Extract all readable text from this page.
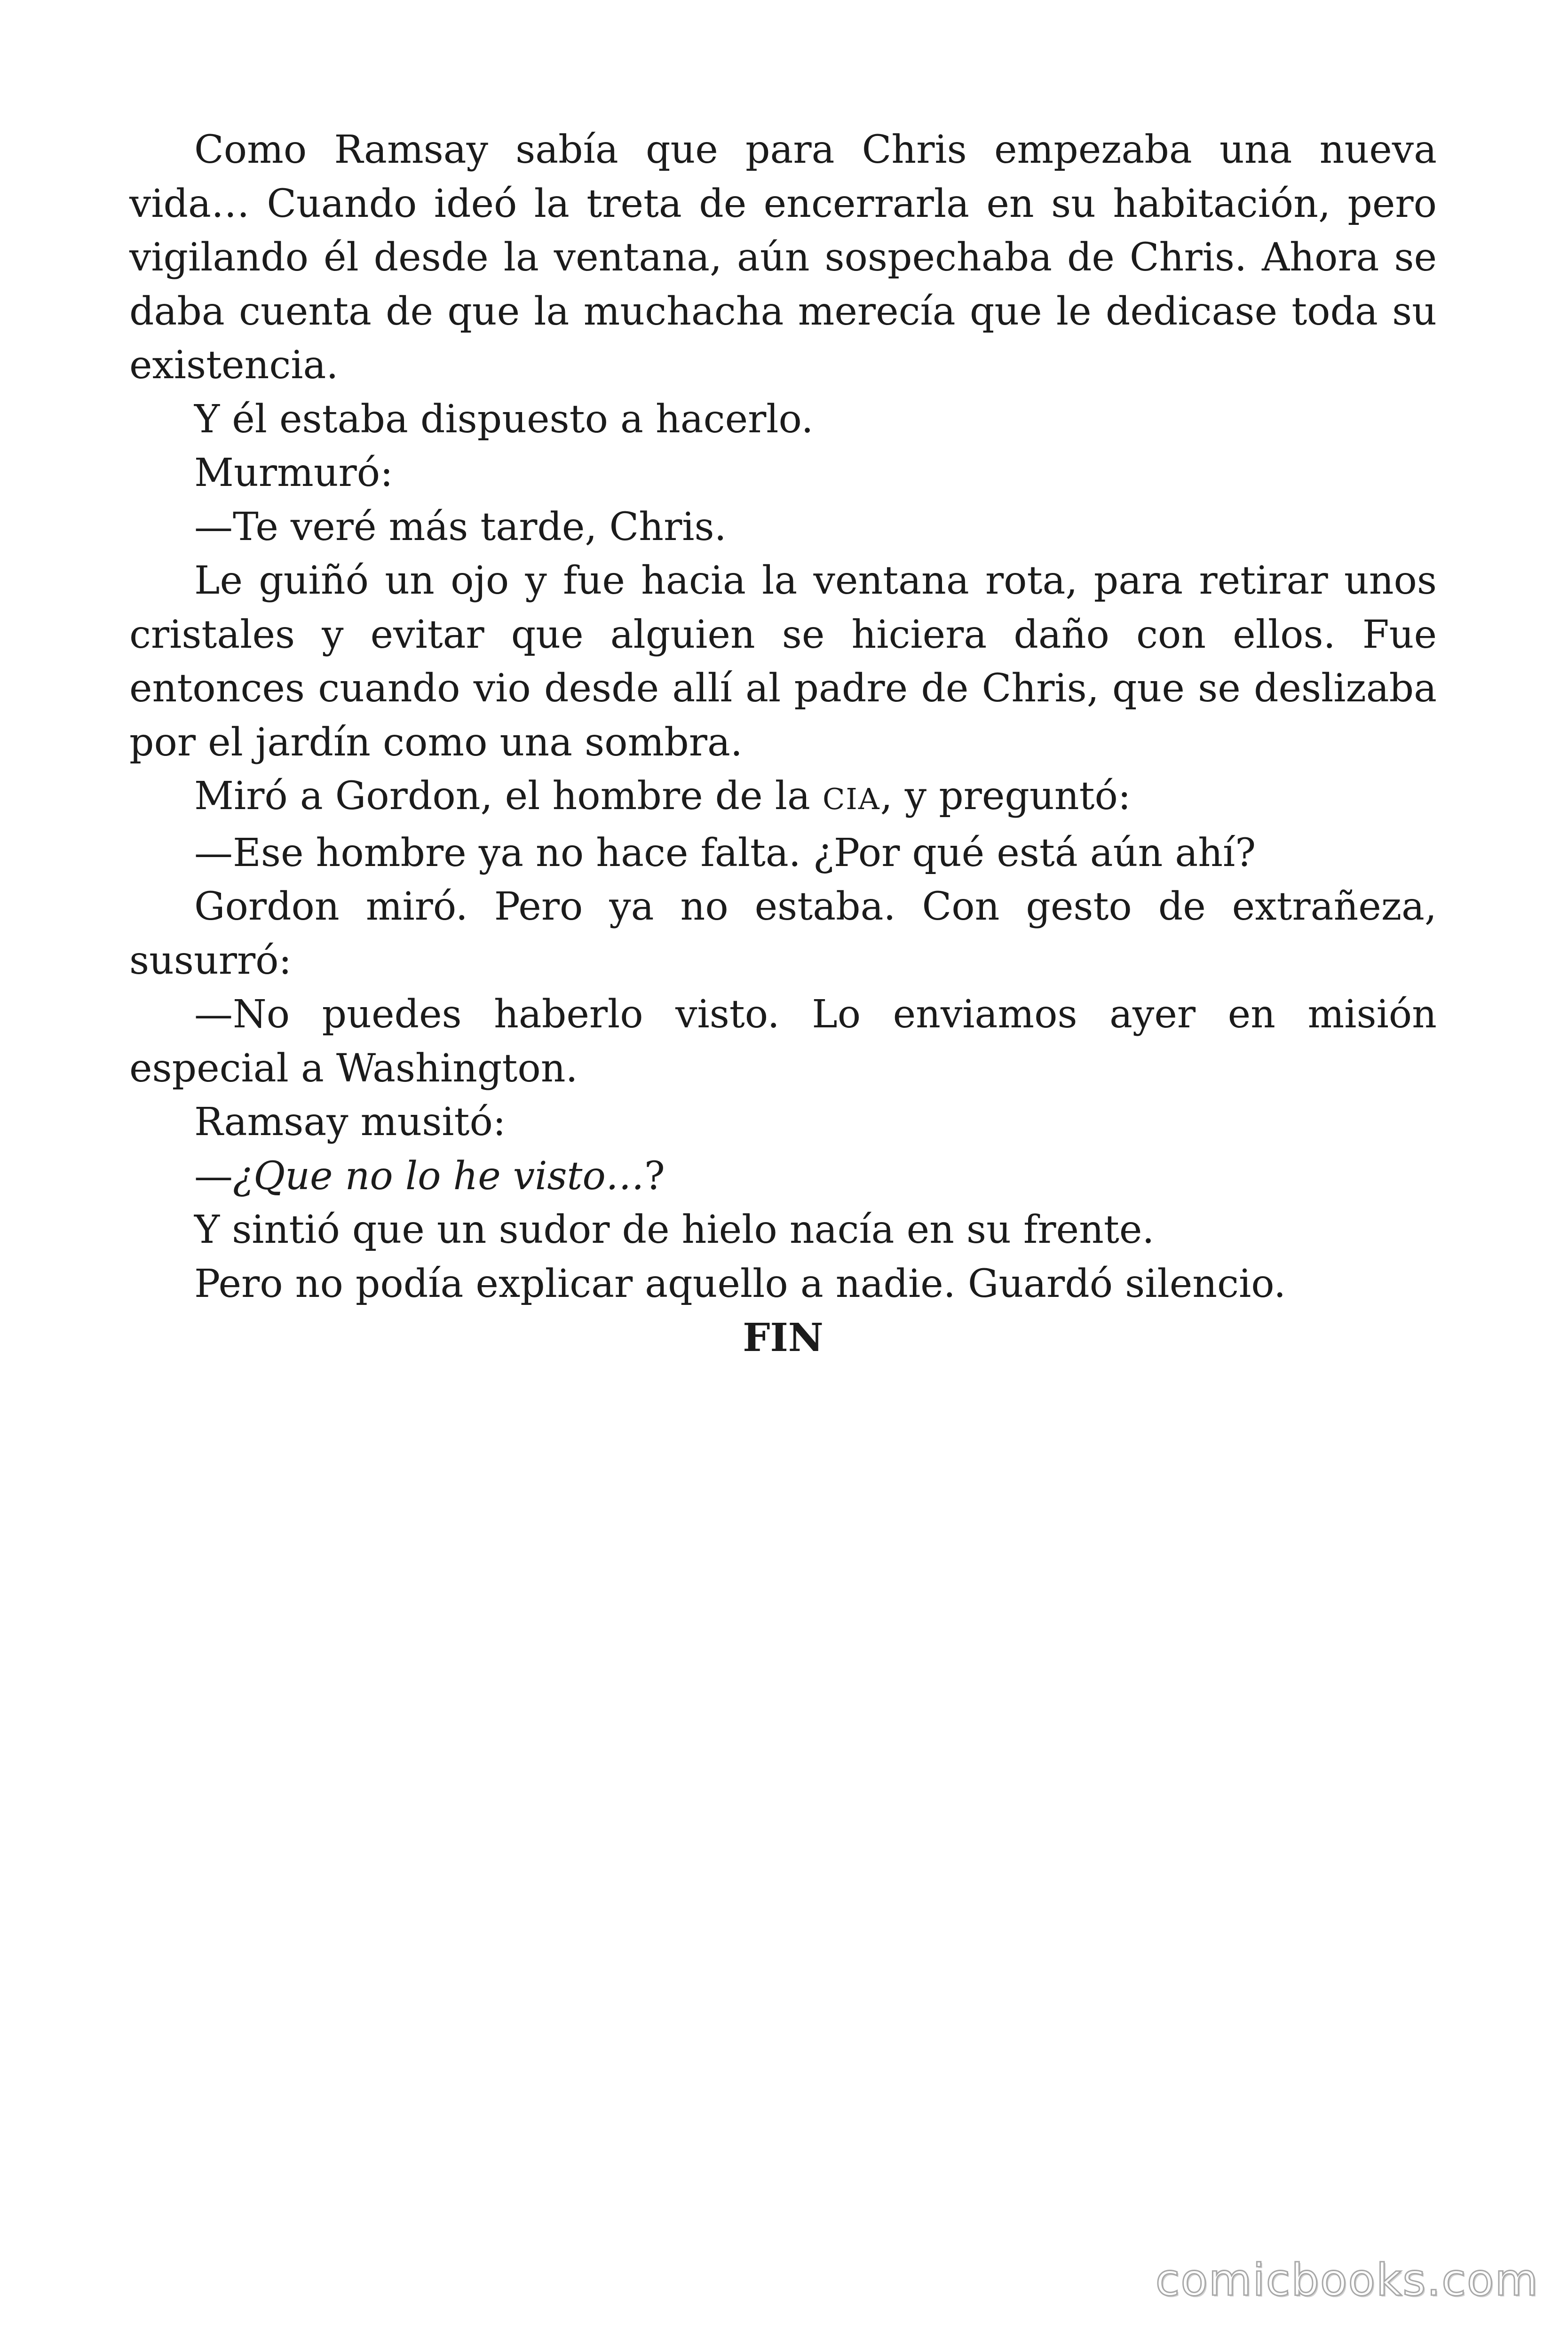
Como Ramsay sabía que para Chris empezaba una nueva vida… Cuando ideó la treta de encerrarla en su habitación, pero vigilando él desde la ventana, aún sospechaba de Chris. Ahora se daba cuenta de que la muchacha merecía que le dedicase toda su existencia.

Y él estaba dispuesto a hacerlo.

Murmuró:

—Te veré más tarde, Chris.

Le guiñó un ojo y fue hacia la ventana rota, para retirar unos cristales y evitar que alguien se hiciera daño con ellos. Fue entonces cuando vio desde allí al padre de Chris, que se deslizaba por el jardín como una sombra.

Miró a Gordon, el hombre de la CIA, y preguntó:

—Ese hombre ya no hace falta. ¿Por qué está aún ahí?

Gordon miró. Pero ya no estaba. Con gesto de extrañeza, susurró:

—No puedes haberlo visto. Lo enviamos ayer en misión especial a Washington.

Ramsay musitó:

—¿Que no lo he visto…?

Y sintió que un sudor de hielo nacía en su frente.

Pero no podía explicar aquello a nadie. Guardó silencio.

FIN

comicbooks.com
